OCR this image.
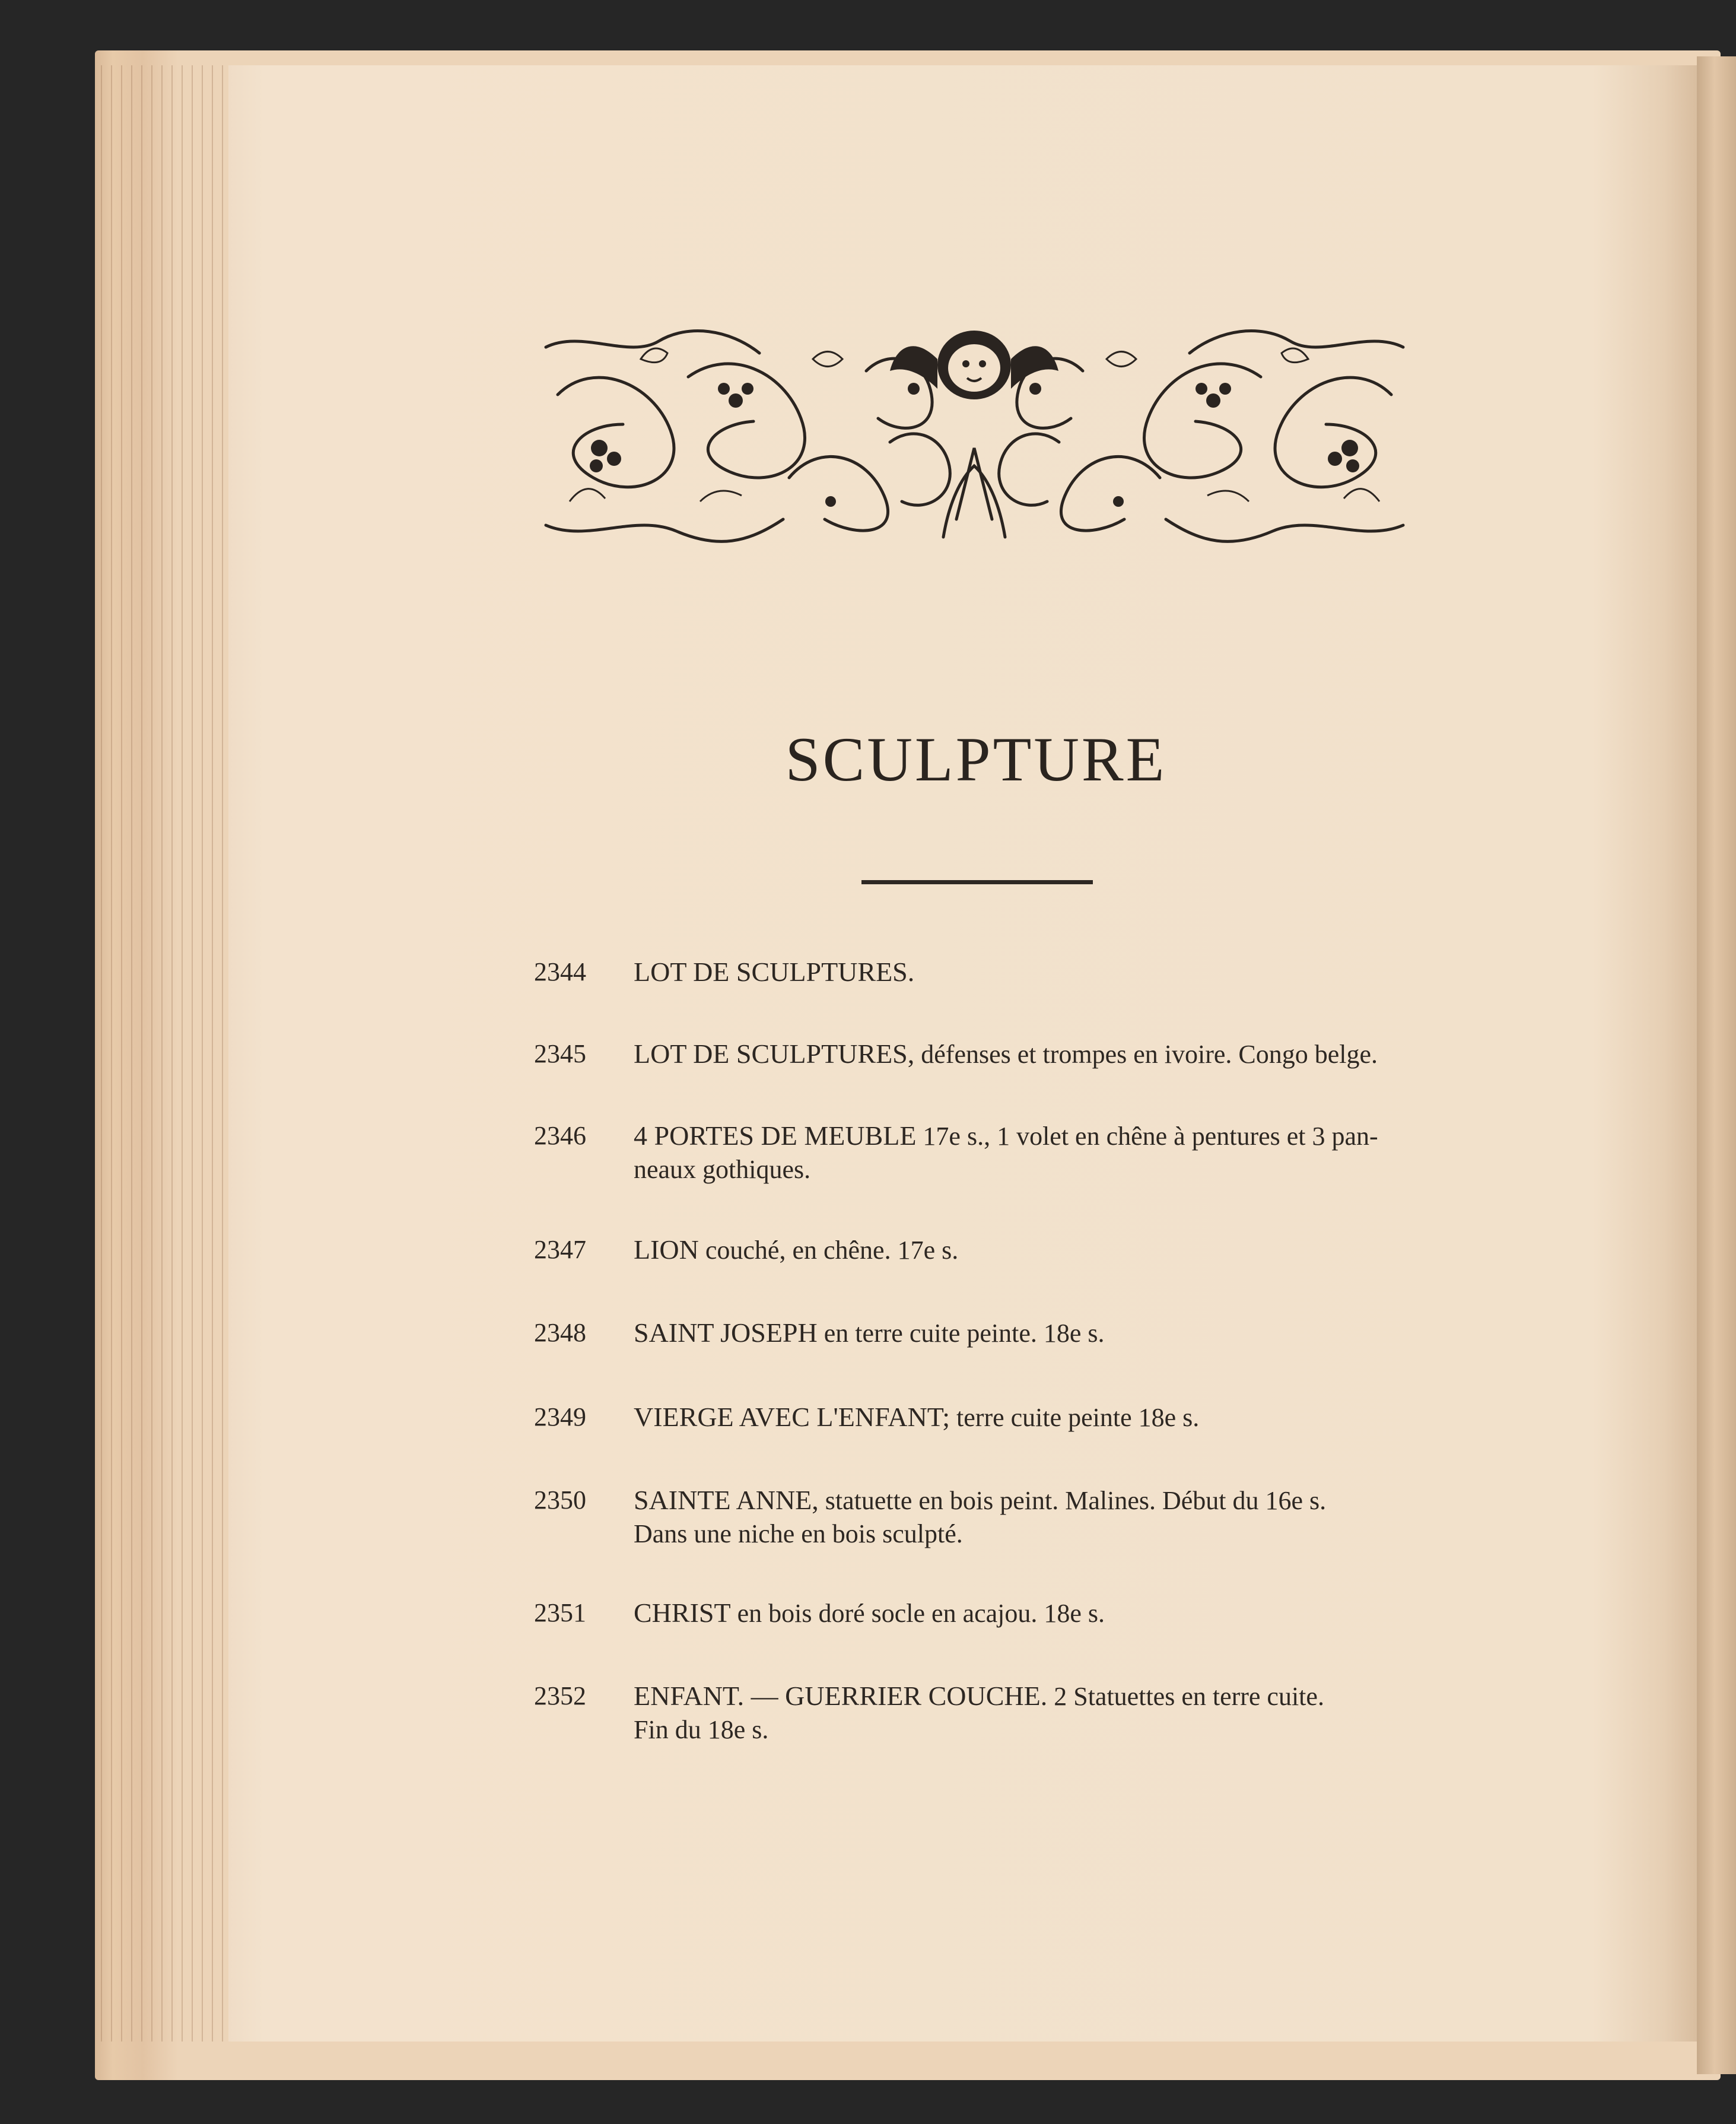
SCULPTURE
2344 LOT DE SCULPTURES.
2345 LOT DE SCULPTURES, défenses et trompes en ivoire. Congo belge.
2346 4 PORTES DE MEUBLE 17e s., 1 volet en chêne à pentures et 3 pan-
neaux gothiques.
2347 LION couché, en chêne. 17e s.
2348 SAINT JOSEPH en terre cuite peinte. 18e s.
2349 VIERGE AVEC L'ENFANT; terre cuite peinte 18e s.
2350 SAINTE ANNE, statuette en bois peint. Malines. Début du 16e s.
Dans une niche en bois sculpté.
2351 CHRIST en bois doré socle en acajou. 18e s.
2352 ENFANT. — GUERRIER COUCHE. 2 Statuettes en terre cuite.
Fin du 18e s.
